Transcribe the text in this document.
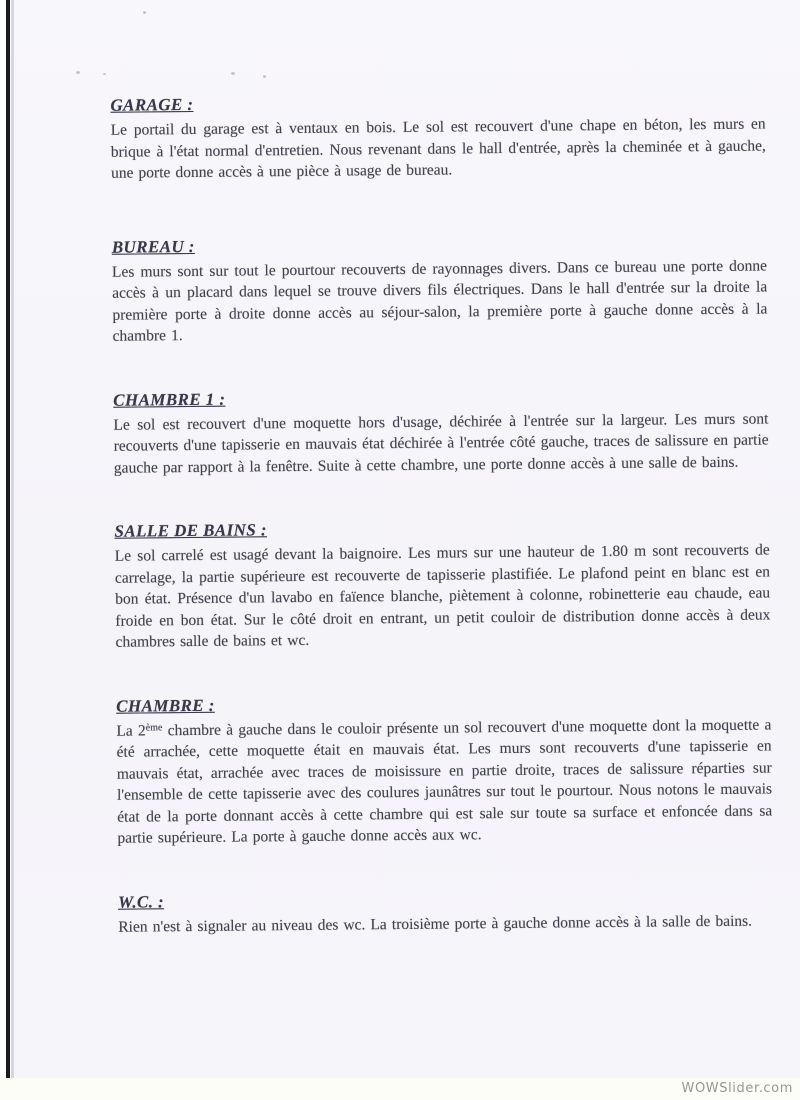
GARAGE :

Le portail du garage est à ventaux en bois. Le sol est recouvert d'une chape en béton, les murs en brique à l'état normal d'entretien. Nous revenant dans le hall d'entrée, après la cheminée et à gauche, une porte donne accès à une pièce à usage de bureau.

BUREAU :

Les murs sont sur tout le pourtour recouverts de rayonnages divers. Dans ce bureau une porte donne accès à un placard dans lequel se trouve divers fils électriques. Dans le hall d'entrée sur la droite la première porte à droite donne accès au séjour-salon, la première porte à gauche donne accès à la chambre 1.

CHAMBRE 1 :

Le sol est recouvert d'une moquette hors d'usage, déchirée à l'entrée sur la largeur. Les murs sont recouverts d'une tapisserie en mauvais état déchirée à l'entrée côté gauche, traces de salissure en partie gauche par rapport à la fenêtre. Suite à cette chambre, une porte donne accès à une salle de bains.

SALLE DE BAINS :

Le sol carrelé est usagé devant la baignoire. Les murs sur une hauteur de 1.80 m sont recouverts de carrelage, la partie supérieure est recouverte de tapisserie plastifiée. Le plafond peint en blanc est en bon état. Présence d'un lavabo en faïence blanche, piètement à colonne, robinetterie eau chaude, eau froide en bon état. Sur le côté droit en entrant, un petit couloir de distribution donne accès à deux chambres salle de bains et wc.

CHAMBRE :

La 2ème chambre à gauche dans le couloir présente un sol recouvert d'une moquette dont la moquette a été arrachée, cette moquette était en mauvais état. Les murs sont recouverts d'une tapisserie en mauvais état, arrachée avec traces de moisissure en partie droite, traces de salissure réparties sur l'ensemble de cette tapisserie avec des coulures jaunâtres sur tout le pourtour. Nous notons le mauvais état de la porte donnant accès à cette chambre qui est sale sur toute sa surface et enfoncée dans sa partie supérieure. La porte à gauche donne accès aux wc.

W.C. :

Rien n'est à signaler au niveau des wc. La troisième porte à gauche donne accès à la salle de bains.

WOWSlider.com
